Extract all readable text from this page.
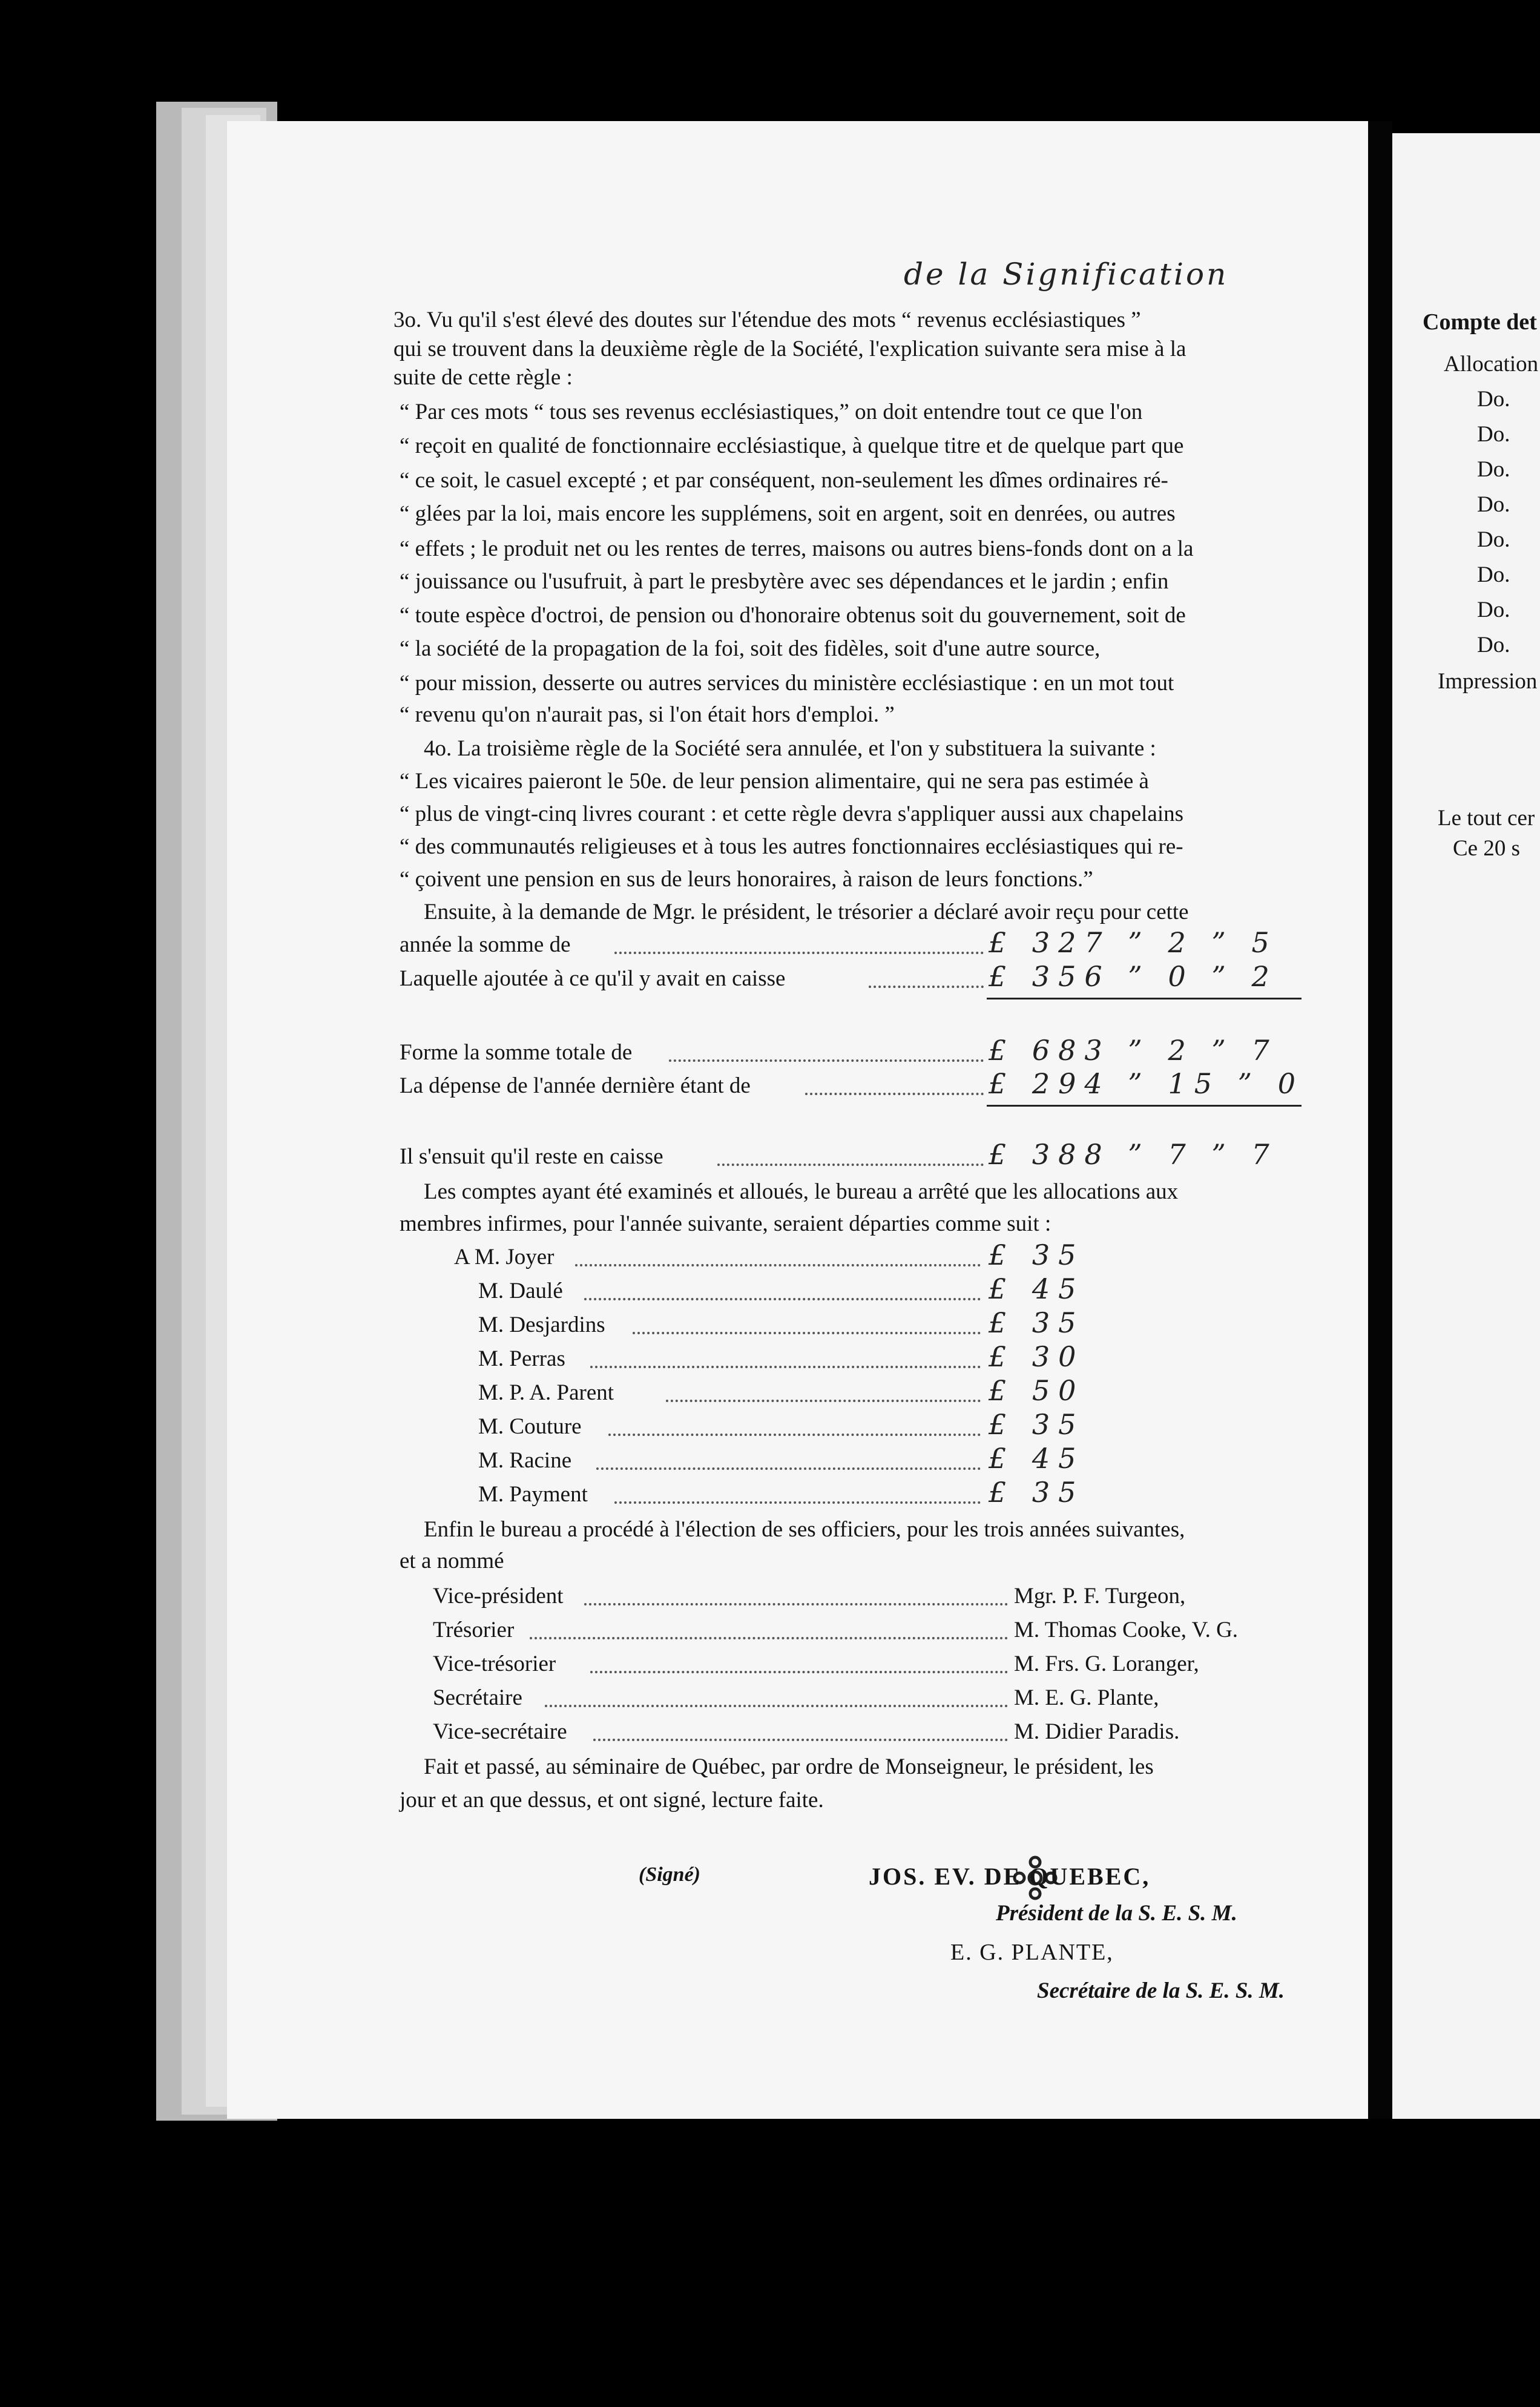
de la Signification
3o. Vu qu'il s'est élevé des doutes sur l'étendue des mots “ revenus ecclésiastiques ”
qui se trouvent dans la deuxième règle de la Société, l'explication suivante sera mise à la
suite de cette règle :
“ Par ces mots “ tous ses revenus ecclésiastiques,” on doit entendre tout ce que l'on
“ reçoit en qualité de fonctionnaire ecclésiastique, à quelque titre et de quelque part que
“ ce soit, le casuel excepté ; et par conséquent, non-seulement les dîmes ordinaires ré-
“ glées par la loi, mais encore les supplémens, soit en argent, soit en denrées, ou autres
“ effets ; le produit net ou les rentes de terres, maisons ou autres biens-fonds dont on a la
“ jouissance ou l'usufruit, à part le presbytère avec ses dépendances et le jardin ; enfin
“ toute espèce d'octroi, de pension ou d'honoraire obtenus soit du gouvernement, soit de
“ la société de la propagation de la foi, soit des fidèles, soit d'une autre source,
“ pour mission, desserte ou autres services du ministère ecclésiastique : en un mot tout
“ revenu qu'on n'aurait pas, si l'on était hors d'emploi. ”
4o. La troisième règle de la Société sera annulée, et l'on y substituera la suivante :
“ Les vicaires paieront le 50e. de leur pension alimentaire, qui ne sera pas estimée à
“ plus de vingt-cinq livres courant : et cette règle devra s'appliquer aussi aux chapelains
“ des communautés religieuses et à tous les autres fonctionnaires ecclésiastiques qui re-
“ çoivent une pension en sus de leurs honoraires, à raison de leurs fonctions.”
Ensuite, à la demande de Mgr. le président, le trésorier a déclaré avoir reçu pour cette
année la somme de	£ 327 ” 2 ” 5
Laquelle ajoutée à ce qu'il y avait en caisse	£ 356 ” 0 ” 2
Forme la somme totale de	£ 683 ” 2 ” 7
La dépense de l'année dernière étant de	£ 294 ” 15 ” 0
Il s'ensuit qu'il reste en caisse	£ 388 ” 7 ” 7
Les comptes ayant été examinés et alloués, le bureau a arrêté que les allocations aux
membres infirmes, pour l'année suivante, seraient départies comme suit :
A M. Joyer	£ 35
M. Daulé	£ 45
M. Desjardins	£ 35
M. Perras	£ 30
M. P. A. Parent	£ 50
M. Couture	£ 35
M. Racine	£ 45
M. Payment	£ 35
Enfin le bureau a procédé à l'élection de ses officiers, pour les trois années suivantes,
et a nommé
Vice-président	Mgr. P. F. Turgeon,
Trésorier	M. Thomas Cooke, V. G.
Vice-trésorier	M. Frs. G. Loranger,
Secrétaire	M. E. G. Plante,
Vice-secrétaire	M. Didier Paradis.
Fait et passé, au séminaire de Québec, par ordre de Monseigneur, le président, les
jour et an que dessus, et ont signé, lecture faite.
(Signé)	JOS. EV. DE QUEBEC,
Président de la S. E. S. M.
E. G. PLANTE,
Secrétaire de la S. E. S. M.
Compte det
Allocation
Do.
Do.
Do.
Do.
Do.
Do.
Do.
Do.
Impression
Le tout cer
Ce 20 s
